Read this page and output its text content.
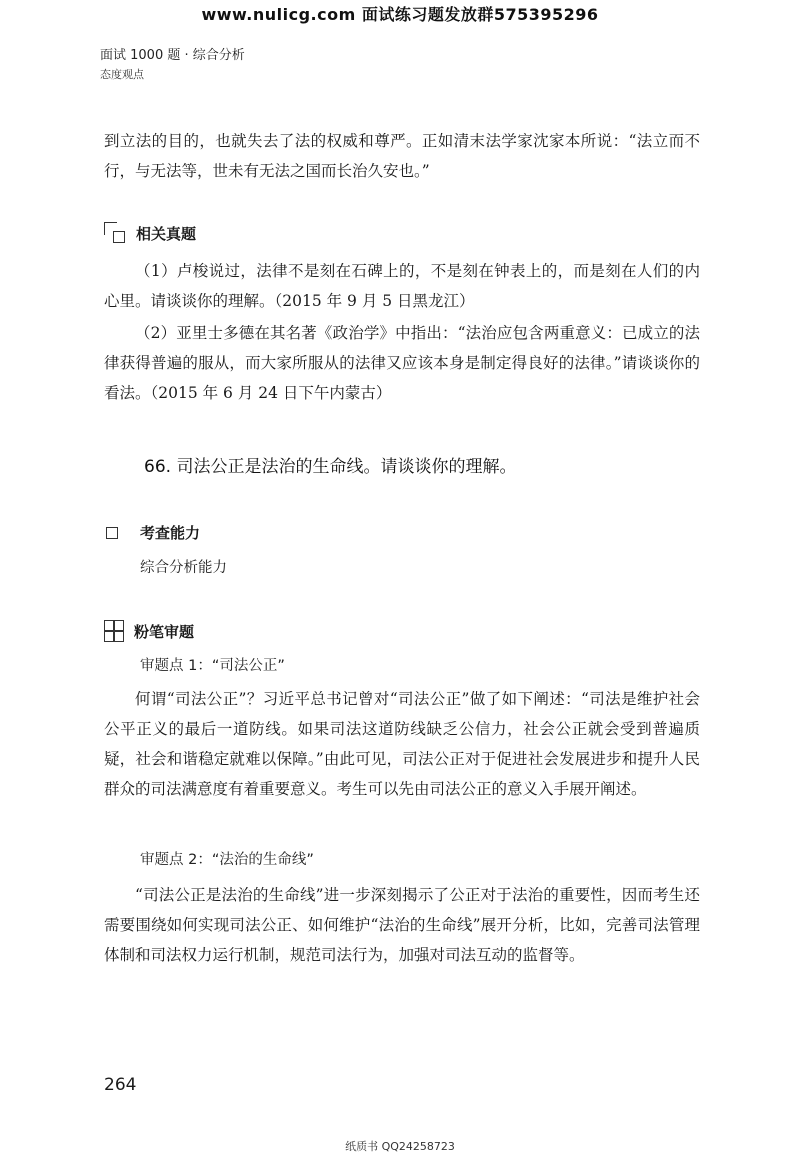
www.nulicg.com 面试练习题发放群575395296
面试 1000 题 · 综合分析
态度观点
到立法的目的，也就失去了法的权威和尊严。正如清末法学家沈家本所说：“法立而不行，与无法等，世未有无法之国而长治久安也。”
相关真题
（1）卢梭说过，法律不是刻在石碑上的，不是刻在钟表上的，而是刻在人们的内心里。请谈谈你的理解。（2015 年 9 月 5 日黑龙江）
（2）亚里士多德在其名著《政治学》中指出：“法治应包含两重意义：已成立的法律获得普遍的服从，而大家所服从的法律又应该本身是制定得良好的法律。”请谈谈你的看法。（2015 年 6 月 24 日下午内蒙古）
66. 司法公正是法治的生命线。请谈谈你的理解。
考查能力
综合分析能力
粉笔审题
审题点 1：“司法公正”
何谓“司法公正”？习近平总书记曾对“司法公正”做了如下阐述：“司法是维护社会公平正义的最后一道防线。如果司法这道防线缺乏公信力，社会公正就会受到普遍质疑，社会和谐稳定就难以保障。”由此可见，司法公正对于促进社会发展进步和提升人民群众的司法满意度有着重要意义。考生可以先由司法公正的意义入手展开阐述。
审题点 2：“法治的生命线”
“司法公正是法治的生命线”进一步深刻揭示了公正对于法治的重要性，因而考生还需要围绕如何实现司法公正、如何维护“法治的生命线”展开分析，比如，完善司法管理体制和司法权力运行机制，规范司法行为，加强对司法互动的监督等。
264
纸质书 QQ24258723
